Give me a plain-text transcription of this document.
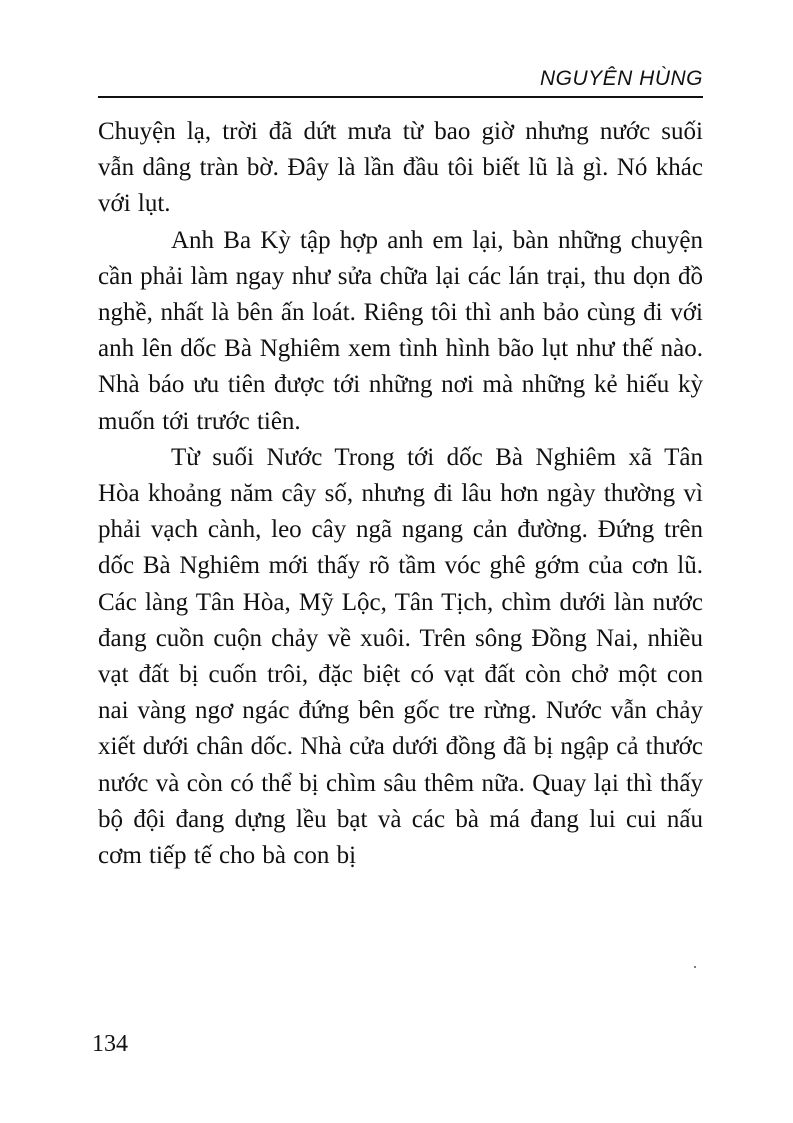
NGUYÊN HÙNG

Chuyện lạ, trời đã dứt mưa từ bao giờ nhưng nước suối vẫn dâng tràn bờ. Đây là lần đầu tôi biết lũ là gì. Nó khác với lụt.

Anh Ba Kỳ tập hợp anh em lại, bàn những chuyện cần phải làm ngay như sửa chữa lại các lán trại, thu dọn đồ nghề, nhất là bên ấn loát. Riêng tôi thì anh bảo cùng đi với anh lên dốc Bà Nghiêm xem tình hình bão lụt như thế nào. Nhà báo ưu tiên được tới những nơi mà những kẻ hiếu kỳ muốn tới trước tiên.

Từ suối Nước Trong tới dốc Bà Nghiêm xã Tân Hòa khoảng năm cây số, nhưng đi lâu hơn ngày thường vì phải vạch cành, leo cây ngã ngang cản đường. Đứng trên dốc Bà Nghiêm mới thấy rõ tầm vóc ghê gớm của cơn lũ. Các làng Tân Hòa, Mỹ Lộc, Tân Tịch, chìm dưới làn nước đang cuồn cuộn chảy về xuôi. Trên sông Đồng Nai, nhiều vạt đất bị cuốn trôi, đặc biệt có vạt đất còn chở một con nai vàng ngơ ngác đứng bên gốc tre rừng. Nước vẫn chảy xiết dưới chân dốc. Nhà cửa dưới đồng đã bị ngập cả thước nước và còn có thể bị chìm sâu thêm nữa. Quay lại thì thấy bộ đội đang dựng lều bạt và các bà má đang lui cui nấu cơm tiếp tế cho bà con bị

134
